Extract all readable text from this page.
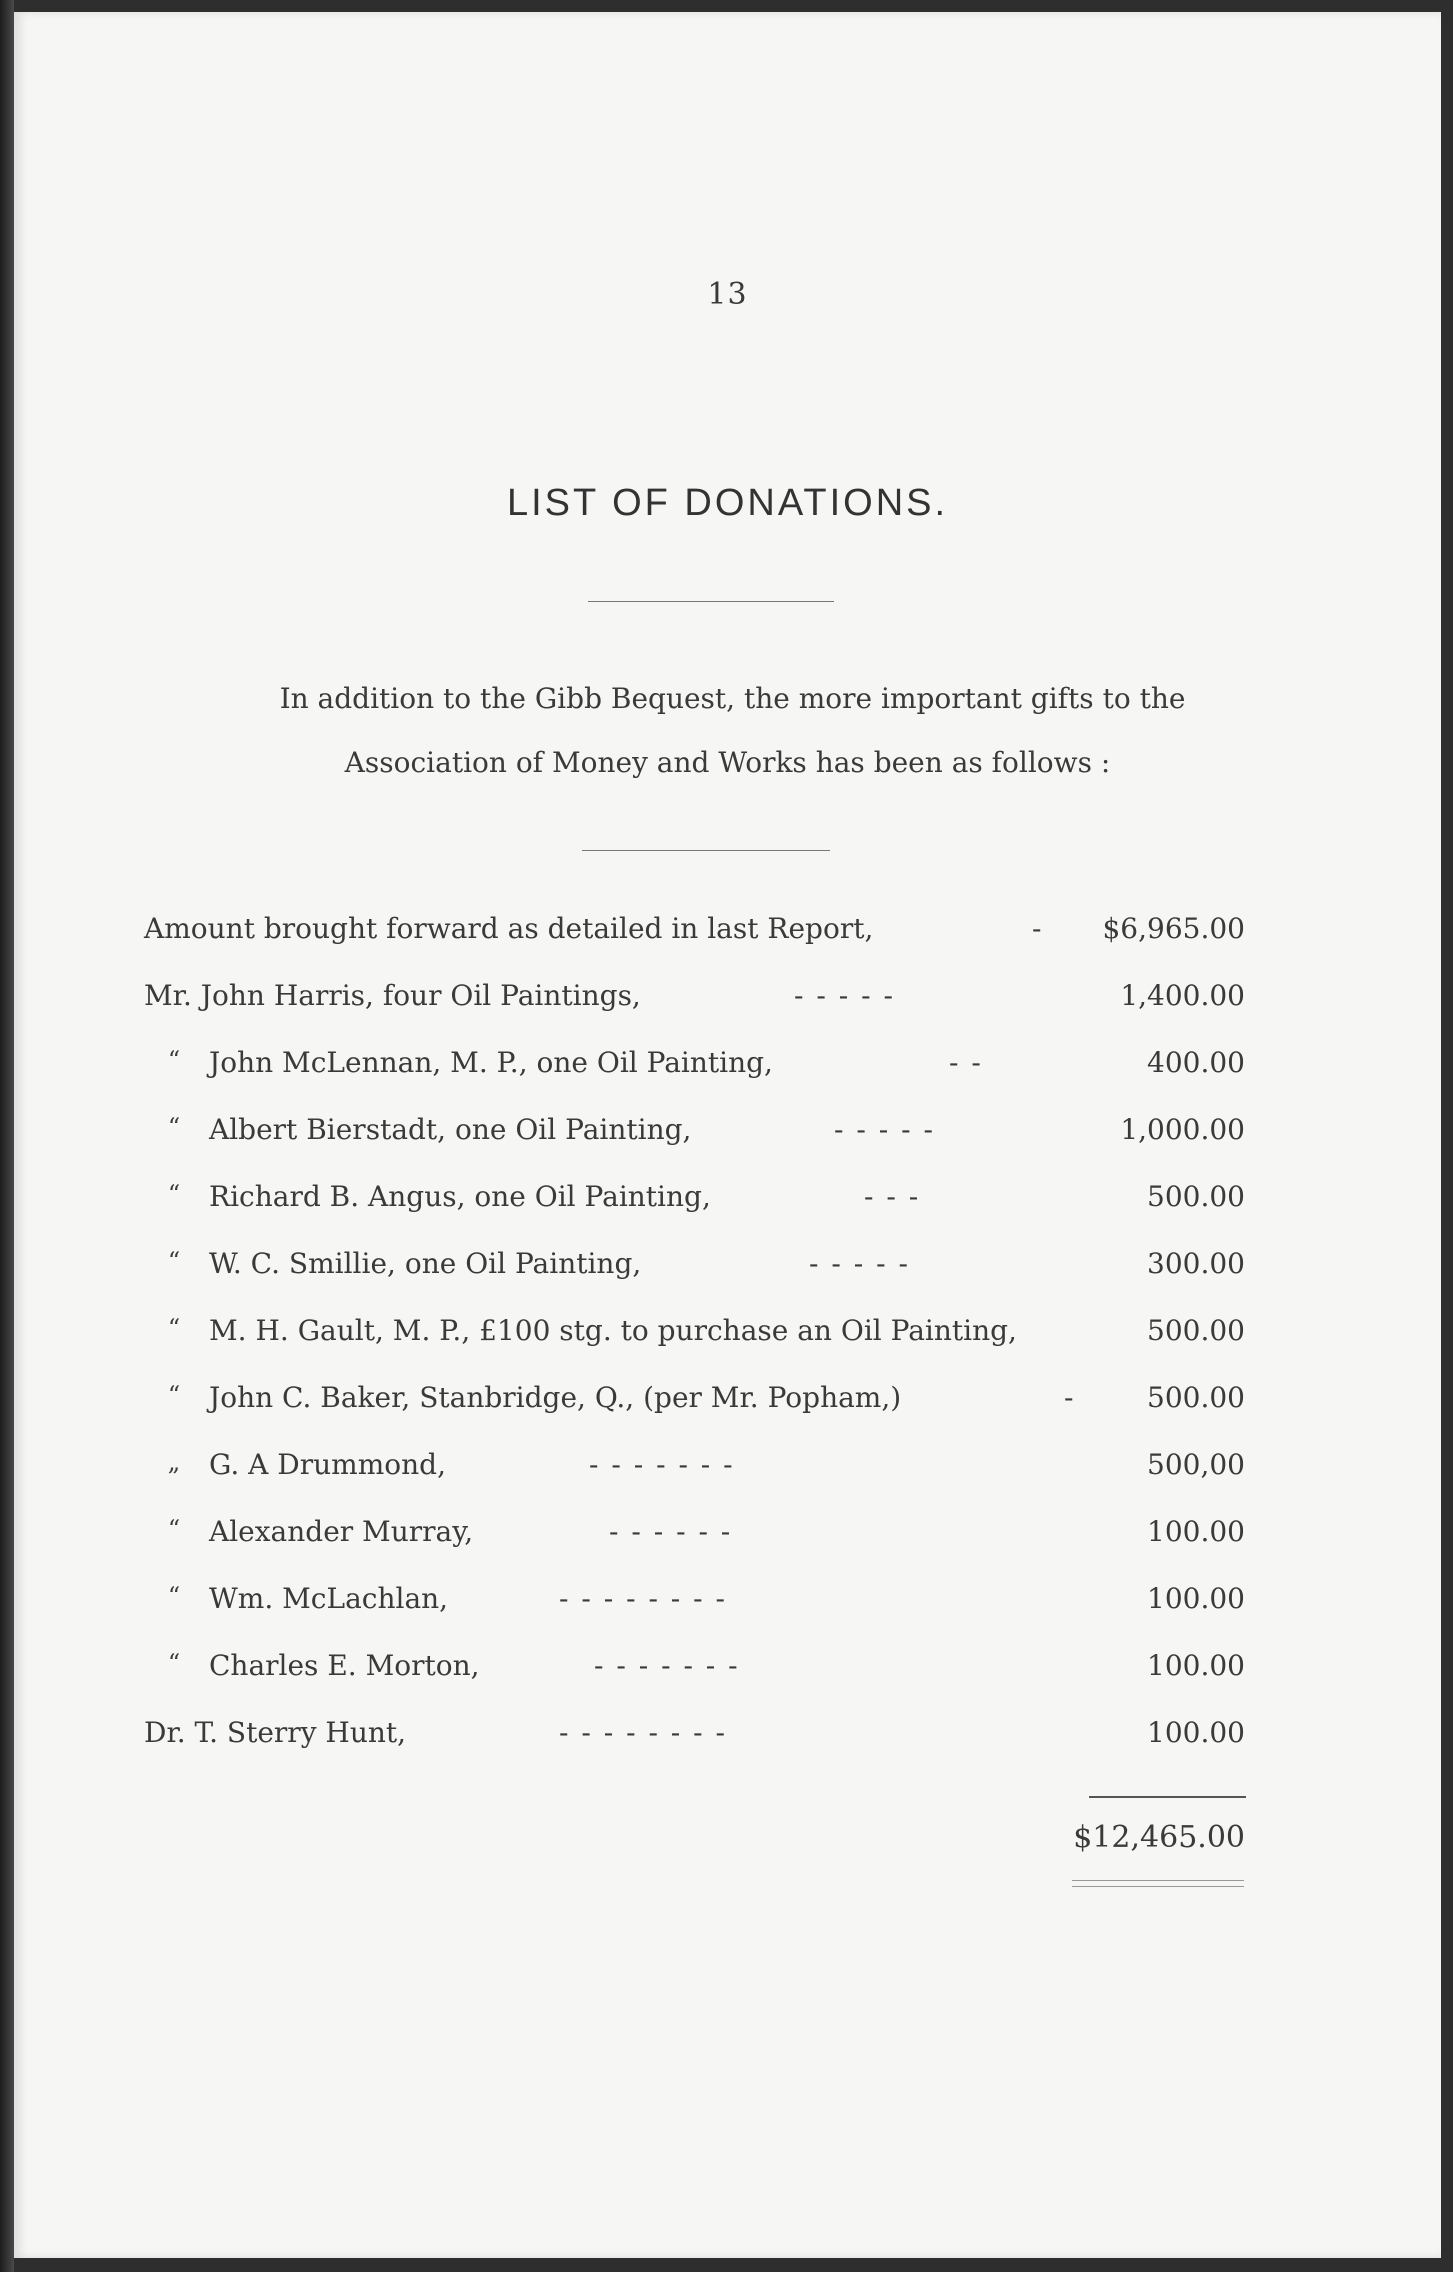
13
LIST OF DONATIONS.
In addition to the Gibb Bequest, the more important gifts to the
Association of Money and Works has been as follows :
Amount brought forward as detailed in last Report,	- $6,965.00
Mr. John Harris, four Oil Paintings,	- - - - -	1,400.00
“ John McLennan, M. P., one Oil Painting,	- -	400.00
“ Albert Bierstadt, one Oil Painting,	- - - - -	1,000.00
“ Richard B. Angus, one Oil Painting,	- - -	500.00
“ W. C. Smillie, one Oil Painting,	- - - - -	300.00
“ M. H. Gault, M. P., £100 stg. to purchase an Oil Painting,	500.00
“ John C. Baker, Stanbridge, Q., (per Mr. Popham,)	-	500.00
„ G. A Drummond,	- - - - - - -	500,00
“ Alexander Murray,	- - - - - -	100.00
“ Wm. McLachlan,	- - - - - - - -	100.00
“ Charles E. Morton,	- - - - - - -	100.00
Dr. T. Sterry Hunt,	- - - - - - - -	100.00
$12,465.00
